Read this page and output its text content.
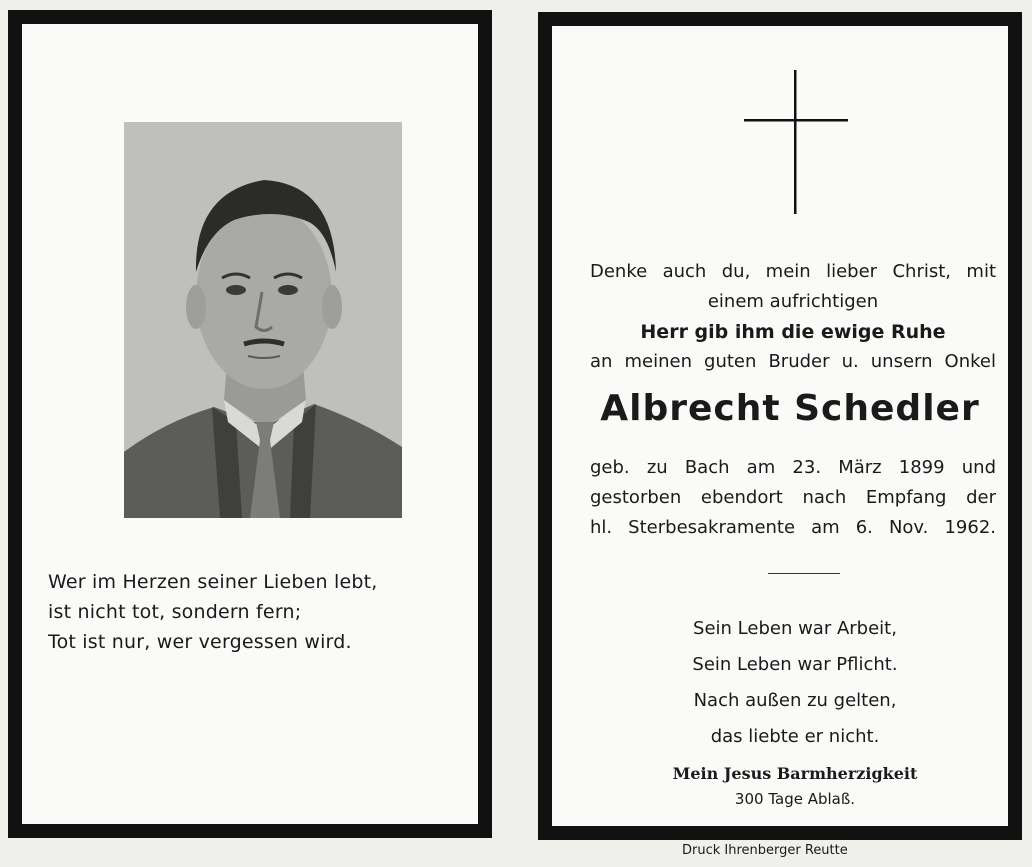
Wer im Herzen seiner Lieben lebt,
ist nicht tot, sondern fern;
Tot ist nur, wer vergessen wird.
Denke auch du, mein lieber Christ, mit
einem aufrichtigen
Herr gib ihm die ewige Ruhe
an meinen guten Bruder u. unsern Onkel
Albrecht Schedler
geb. zu Bach am 23. März 1899 und
gestorben ebendort nach Empfang der
hl. Sterbesakramente am 6. Nov. 1962.
Sein Leben war Arbeit,
Sein Leben war Pflicht.
Nach außen zu gelten,
das liebte er nicht.
Mein Jesus Barmherzigkeit
300 Tage Ablaß.
Druck Ihrenberger Reutte
